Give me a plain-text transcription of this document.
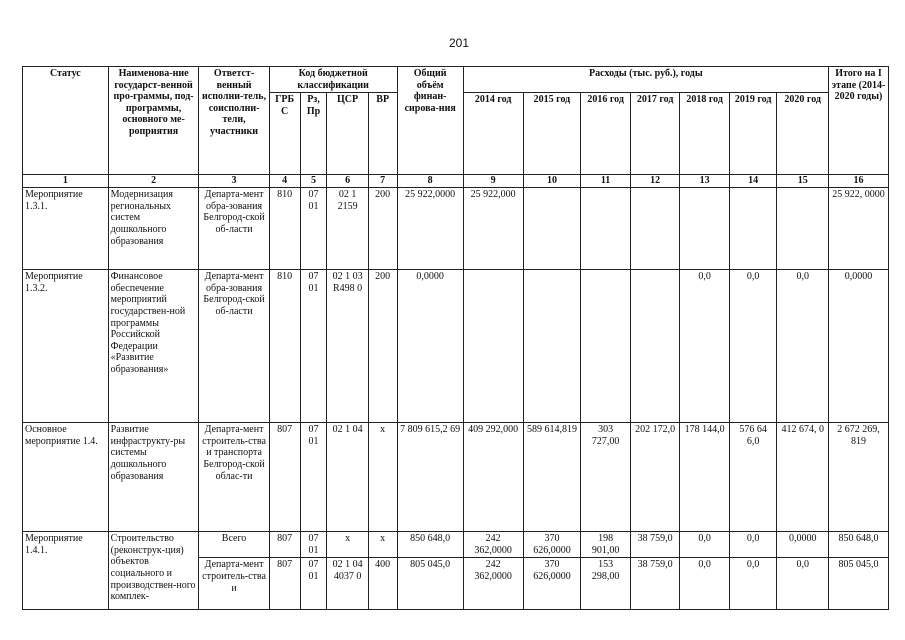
201
Статус	Наименова-ние государст-венной про-граммы, под-программы, основного ме-роприятия	Ответст-венный исполни-тель, соисполни-тели, участники	Код бюджетной классификации				Общий объём финан-сирова-ния	Расходы (тыс. руб.), годы							Итого на I этапе (2014-2020 годы)
			ГРБ С	Рз, Пр	ЦСР	ВР		2014 год	2015 год	2016 год	2017 год	2018 год	2019 год	2020 год	
1	2	3	4	5	6	7	8	9	10	11	12	13	14	15	16
Мероприятие 1.3.1.	Модернизация региональных систем дошкольного образования	Департа-мент обра-зования Белгород-ской об-ласти	810	07 01	02 1 2159	200	25 922,0000	25 922,000							25 922, 0000
Мероприятие 1.3.2.	Финансовое обеспечение мероприятий государствен-ной программы Российской Федерации «Развитие образования»	Департа-мент обра-зования Белгород-ской об-ласти	810	07 01	02 1 03 R498 0	200	0,0000					0,0	0,0	0,0	0,0000
Основное мероприятие 1.4.	Развитие инфраструкту-ры системы дошкольного образования	Департа-мент строитель-ства и транспорта Белгород-ской облас-ти	807	07 01	02 1 04	х	7 809 615,2 69	409 292,000	589 614,819	303 727,00	202 172,0	178 144,0	576 64 6,0	412 674, 0	2 672 269, 819
Мероприятие 1.4.1.	Строительство (реконструк-ция) объектов социального и производствен-ного комплек-	Всего	807	07 01	х	х	850 648,0	242 362,0000	370 626,0000	198 901,00	38 759,0	0,0	0,0	0,0000	850 648,0
		Департа-мент строитель-ства и	807	07 01	02 1 04 4037 0	400	805 045,0	242 362,0000	370 626,0000	153 298,00	38 759,0	0,0	0,0	0,0	805 045,0
